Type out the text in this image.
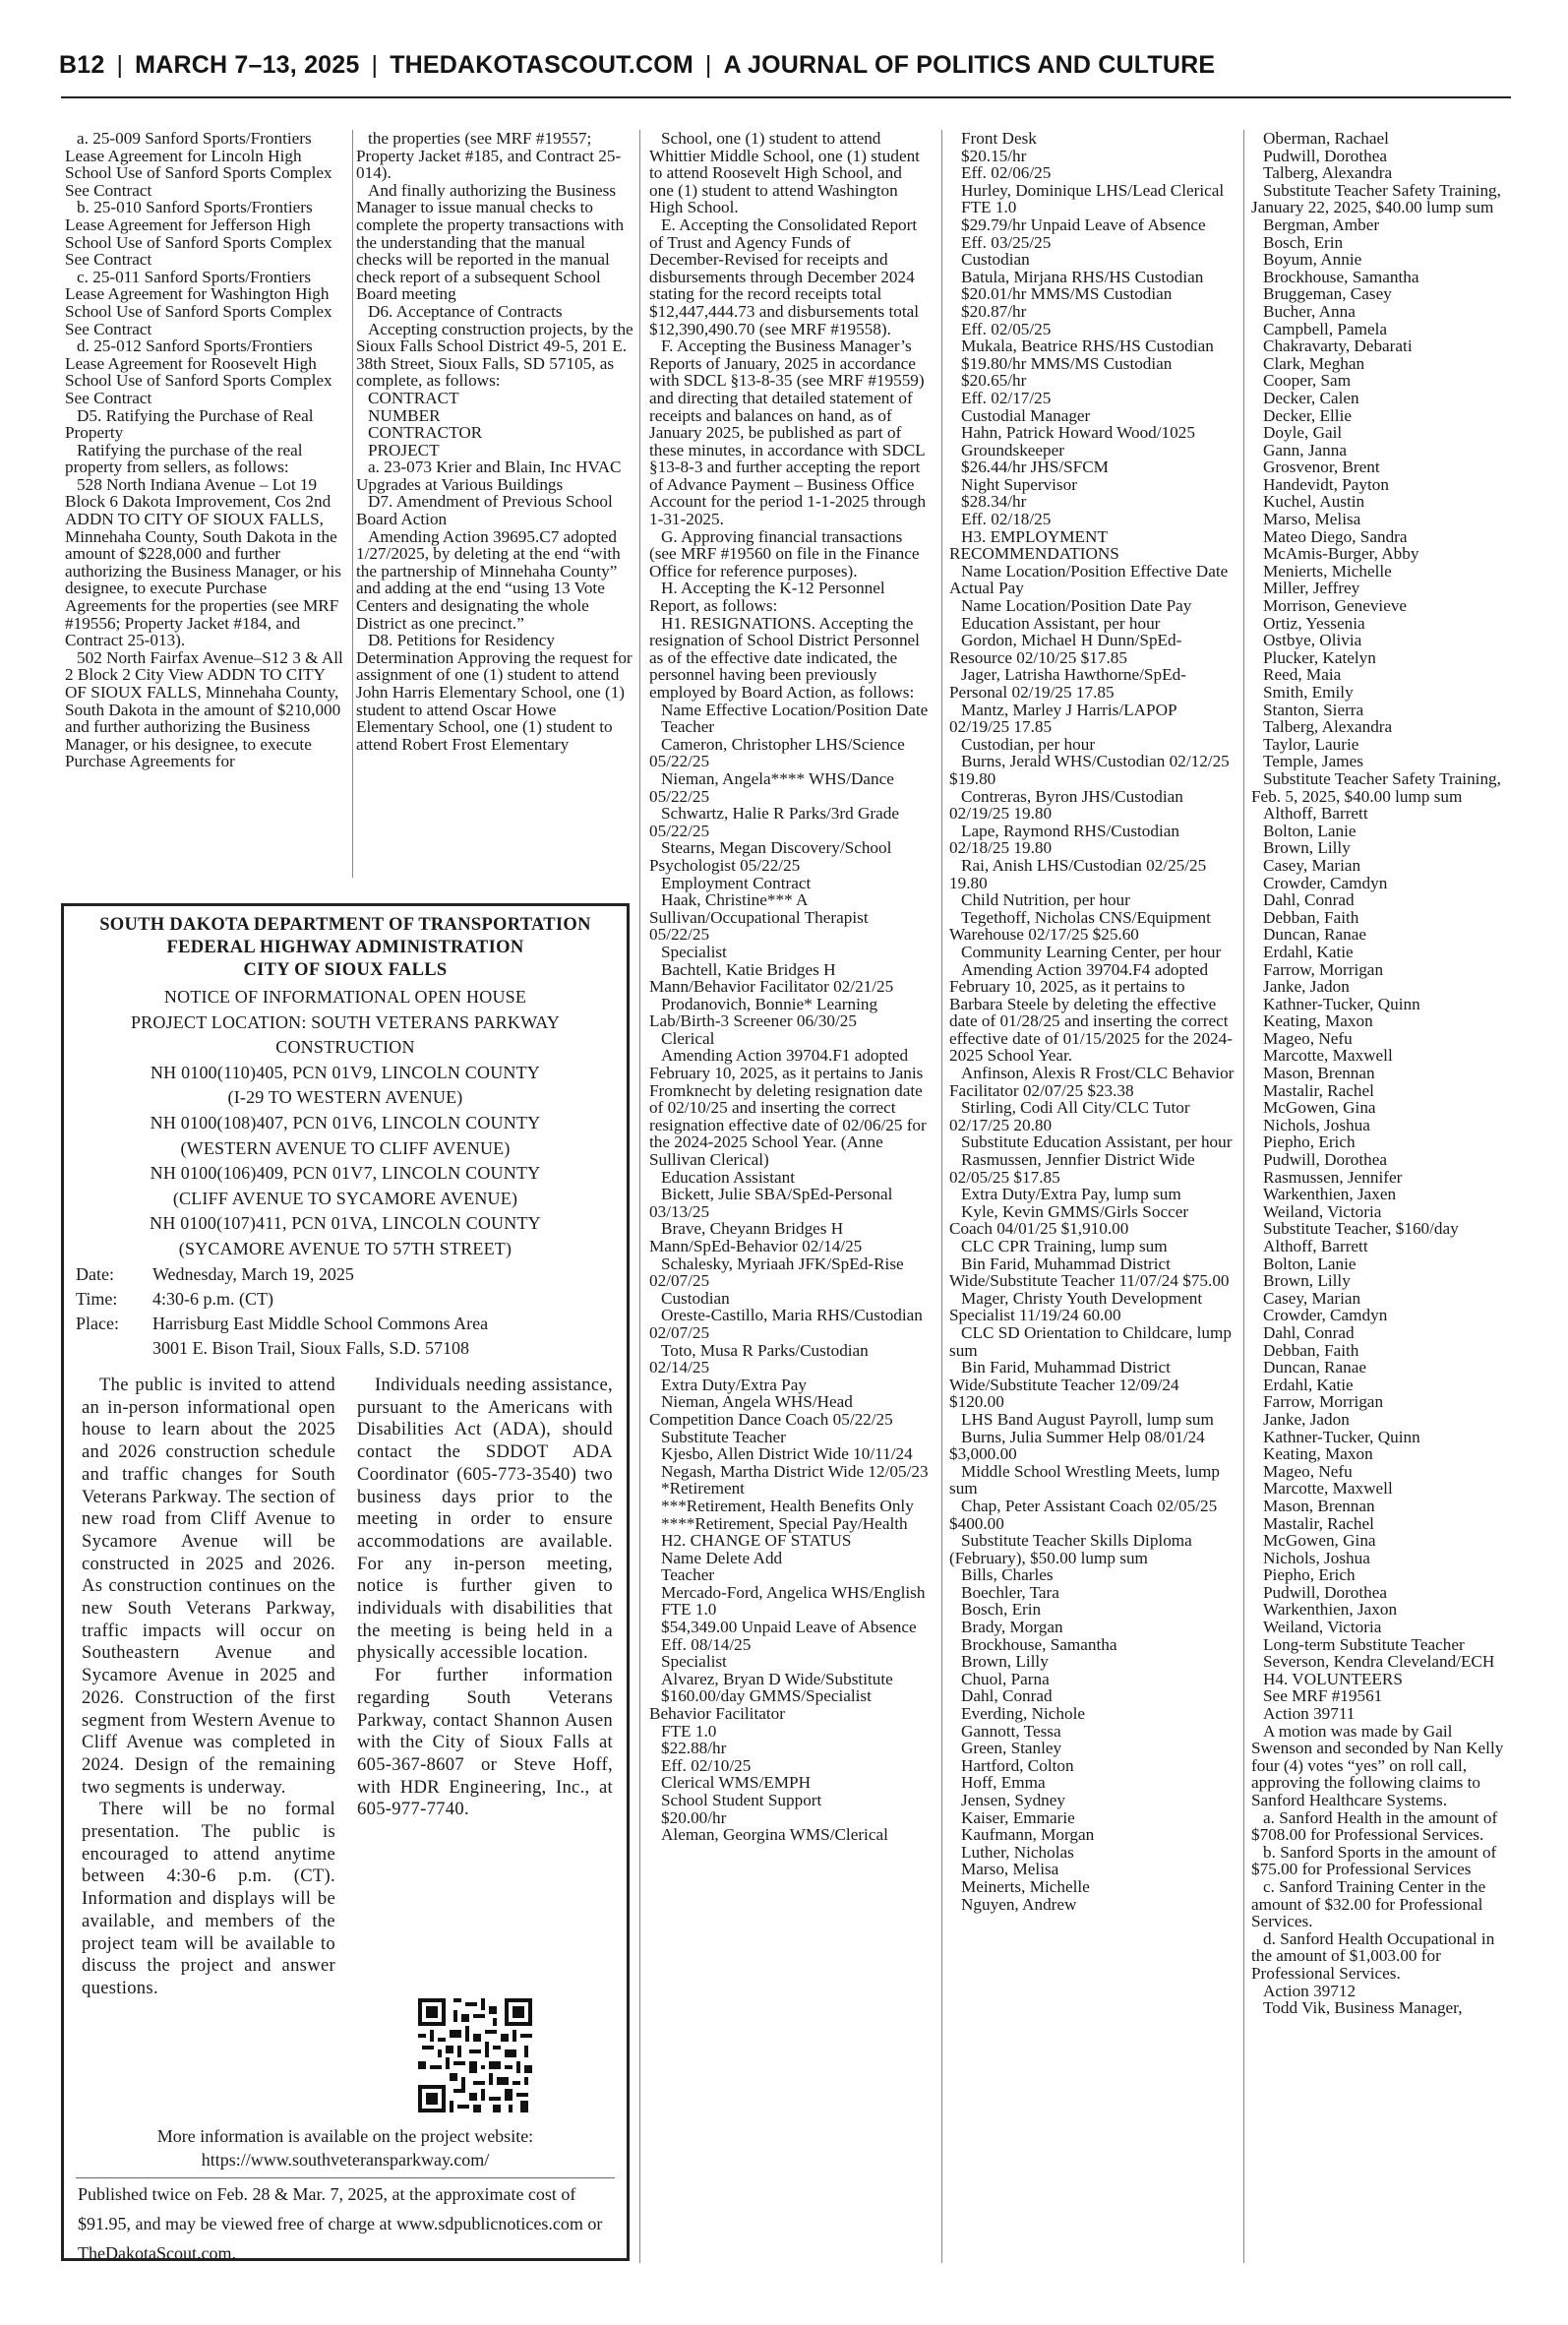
B12 | MARCH 7–13, 2025 | THEDAKOTASCOUT.COM | A JOURNAL OF POLITICS AND CULTURE

a. 25-009 Sanford Sports/Frontiers Lease Agreement for Lincoln High School Use of Sanford Sports Complex See Contract

b. 25-010 Sanford Sports/Frontiers Lease Agreement for Jefferson High School Use of Sanford Sports Complex See Contract

c. 25-011 Sanford Sports/Frontiers Lease Agreement for Washington High School Use of Sanford Sports Complex See Contract

d. 25-012 Sanford Sports/Frontiers Lease Agreement for Roosevelt High School Use of Sanford Sports Complex See Contract

D5. Ratifying the Purchase of Real Property

Ratifying the purchase of the real property from sellers, as follows:

528 North Indiana Avenue – Lot 19 Block 6 Dakota Improvement, Cos 2nd ADDN TO CITY OF SIOUX FALLS, Minnehaha County, South Dakota in the amount of $228,000 and further authorizing the Business Manager, or his designee, to execute Purchase Agreements for the properties (see MRF #19556; Property Jacket #184, and Contract 25-013).

502 North Fairfax Avenue–S12 3 & All 2 Block 2 City View ADDN TO CITY OF SIOUX FALLS, Minnehaha County, South Dakota in the amount of $210,000 and further authorizing the Business Manager, or his designee, to execute Purchase Agreements for

the properties (see MRF #19557; Property Jacket #185, and Contract 25-014).

And finally authorizing the Business Manager to issue manual checks to complete the property transactions with the understanding that the manual checks will be reported in the manual check report of a subsequent School Board meeting

D6. Acceptance of Contracts

Accepting construction projects, by the Sioux Falls School District 49-5, 201 E. 38th Street, Sioux Falls, SD 57105, as complete, as follows:

CONTRACT

NUMBER

CONTRACTOR

PROJECT

a. 23-073 Krier and Blain, Inc HVAC Upgrades at Various Buildings

D7. Amendment of Previous School Board Action

Amending Action 39695.C7 adopted 1/27/2025, by deleting at the end “with the partnership of Minnehaha County” and adding at the end “using 13 Vote Centers and designating the whole District as one precinct.”

D8. Petitions for Residency Determination Approving the request for assignment of one (1) student to attend John Harris Elementary School, one (1) student to attend Oscar Howe Elementary School, one (1) student to attend Robert Frost Elementary

School, one (1) student to attend Whittier Middle School, one (1) student to attend Roosevelt High School, and one (1) student to attend Washington High School.

E. Accepting the Consolidated Report of Trust and Agency Funds of December-Revised for receipts and disbursements through December 2024 stating for the record receipts total $12,447,444.73 and disbursements total $12,390,490.70 (see MRF #19558).

F. Accepting the Business Manager’s Reports of January, 2025 in accordance with SDCL §13-8-35 (see MRF #19559) and directing that detailed statement of receipts and balances on hand, as of January 2025, be published as part of these minutes, in accordance with SDCL §13-8-3 and further accepting the report of Advance Payment – Business Office Account for the period 1-1-2025 through 1-31-2025.

G. Approving financial transactions (see MRF #19560 on file in the Finance Office for reference purposes).

H. Accepting the K-12 Personnel Report, as follows:

H1. RESIGNATIONS. Accepting the resignation of School District Personnel as of the effective date indicated, the personnel having been previously employed by Board Action, as follows:

Name Effective Location/Position Date

Teacher

Cameron, Christopher LHS/Science 05/22/25

Nieman, Angela**** WHS/Dance 05/22/25

Schwartz, Halie R Parks/3rd Grade 05/22/25

Stearns, Megan Discovery/School Psychologist 05/22/25

Employment Contract

Haak, Christine*** A Sullivan/Occupational Therapist 05/22/25

Specialist

Bachtell, Katie Bridges H Mann/Behavior Facilitator 02/21/25

Prodanovich, Bonnie* Learning Lab/Birth-3 Screener 06/30/25

Clerical

Amending Action 39704.F1 adopted February 10, 2025, as it pertains to Janis Fromknecht by deleting resignation date of 02/10/25 and inserting the correct resignation effective date of 02/06/25 for the 2024-2025 School Year. (Anne Sullivan Clerical)

Education Assistant

Bickett, Julie SBA/SpEd-Personal 03/13/25

Brave, Cheyann Bridges H Mann/SpEd-Behavior 02/14/25

Schalesky, Myriaah JFK/SpEd-Rise 02/07/25

Custodian

Oreste-Castillo, Maria RHS/Custodian 02/07/25

Toto, Musa R Parks/Custodian 02/14/25

Extra Duty/Extra Pay

Nieman, Angela WHS/Head Competition Dance Coach 05/22/25

Substitute Teacher

Kjesbo, Allen District Wide 10/11/24

Negash, Martha District Wide 12/05/23

*Retirement

***Retirement, Health Benefits Only

****Retirement, Special Pay/Health

H2. CHANGE OF STATUS

Name Delete Add

Teacher

Mercado-Ford, Angelica WHS/English

FTE 1.0

$54,349.00 Unpaid Leave of Absence

Eff. 08/14/25

Specialist

Alvarez, Bryan D Wide/Substitute

$160.00/day GMMS/Specialist Behavior Facilitator

FTE 1.0

$22.88/hr

Eff. 02/10/25

Clerical WMS/EMPH

School Student Support

$20.00/hr

Aleman, Georgina WMS/Clerical

Front Desk

$20.15/hr

Eff. 02/06/25

Hurley, Dominique LHS/Lead Clerical

FTE 1.0

$29.79/hr Unpaid Leave of Absence

Eff. 03/25/25

Custodian

Batula, Mirjana RHS/HS Custodian

$20.01/hr MMS/MS Custodian

$20.87/hr

Eff. 02/05/25

Mukala, Beatrice RHS/HS Custodian

$19.80/hr MMS/MS Custodian

$20.65/hr

Eff. 02/17/25

Custodial Manager

Hahn, Patrick Howard Wood/1025

Groundskeeper

$26.44/hr JHS/SFCM

Night Supervisor

$28.34/hr

Eff. 02/18/25

H3. EMPLOYMENT RECOMMENDATIONS

Name Location/Position Effective Date Actual Pay

Name Location/Position Date Pay

Education Assistant, per hour

Gordon, Michael H Dunn/SpEd-Resource 02/10/25 $17.85

Jager, Latrisha Hawthorne/SpEd-Personal 02/19/25 17.85

Mantz, Marley J Harris/LAPOP 02/19/25 17.85

Custodian, per hour

Burns, Jerald WHS/Custodian 02/12/25 $19.80

Contreras, Byron JHS/Custodian 02/19/25 19.80

Lape, Raymond RHS/Custodian 02/18/25 19.80

Rai, Anish LHS/Custodian 02/25/25 19.80

Child Nutrition, per hour

Tegethoff, Nicholas CNS/Equipment Warehouse 02/17/25 $25.60

Community Learning Center, per hour

Amending Action 39704.F4 adopted February 10, 2025, as it pertains to Barbara Steele by deleting the effective date of 01/28/25 and inserting the correct effective date of 01/15/2025 for the 2024-2025 School Year.

Anfinson, Alexis R Frost/CLC Behavior Facilitator 02/07/25 $23.38

Stirling, Codi All City/CLC Tutor 02/17/25 20.80

Substitute Education Assistant, per hour

Rasmussen, Jennfier District Wide 02/05/25 $17.85

Extra Duty/Extra Pay, lump sum

Kyle, Kevin GMMS/Girls Soccer Coach 04/01/25 $1,910.00

CLC CPR Training, lump sum

Bin Farid, Muhammad District Wide/Substitute Teacher 11/07/24 $75.00

Mager, Christy Youth Development Specialist 11/19/24 60.00

CLC SD Orientation to Childcare, lump sum

Bin Farid, Muhammad District Wide/Substitute Teacher 12/09/24 $120.00

LHS Band August Payroll, lump sum

Burns, Julia Summer Help 08/01/24 $3,000.00

Middle School Wrestling Meets, lump sum

Chap, Peter Assistant Coach 02/05/25 $400.00

Substitute Teacher Skills Diploma (February), $50.00 lump sum

Bills, Charles

Boechler, Tara

Bosch, Erin

Brady, Morgan

Brockhouse, Samantha

Brown, Lilly

Chuol, Parna

Dahl, Conrad

Everding, Nichole

Gannott, Tessa

Green, Stanley

Hartford, Colton

Hoff, Emma

Jensen, Sydney

Kaiser, Emmarie

Kaufmann, Morgan

Luther, Nicholas

Marso, Melisa

Meinerts, Michelle

Nguyen, Andrew

Oberman, Rachael

Pudwill, Dorothea

Talberg, Alexandra

Substitute Teacher Safety Training, January 22, 2025, $40.00 lump sum

Bergman, Amber

Bosch, Erin

Boyum, Annie

Brockhouse, Samantha

Bruggeman, Casey

Bucher, Anna

Campbell, Pamela

Chakravarty, Debarati

Clark, Meghan

Cooper, Sam

Decker, Calen

Decker, Ellie

Doyle, Gail

Gann, Janna

Grosvenor, Brent

Handevidt, Payton

Kuchel, Austin

Marso, Melisa

Mateo Diego, Sandra

McAmis-Burger, Abby

Menierts, Michelle

Miller, Jeffrey

Morrison, Genevieve

Ortiz, Yessenia

Ostbye, Olivia

Plucker, Katelyn

Reed, Maia

Smith, Emily

Stanton, Sierra

Talberg, Alexandra

Taylor, Laurie

Temple, James

Substitute Teacher Safety Training, Feb. 5, 2025, $40.00 lump sum

Althoff, Barrett

Bolton, Lanie

Brown, Lilly

Casey, Marian

Crowder, Camdyn

Dahl, Conrad

Debban, Faith

Duncan, Ranae

Erdahl, Katie

Farrow, Morrigan

Janke, Jadon

Kathner-Tucker, Quinn

Keating, Maxon

Mageo, Nefu

Marcotte, Maxwell

Mason, Brennan

Mastalir, Rachel

McGowen, Gina

Nichols, Joshua

Piepho, Erich

Pudwill, Dorothea

Rasmussen, Jennifer

Warkenthien, Jaxen

Weiland, Victoria

Substitute Teacher, $160/day

Althoff, Barrett

Bolton, Lanie

Brown, Lilly

Casey, Marian

Crowder, Camdyn

Dahl, Conrad

Debban, Faith

Duncan, Ranae

Erdahl, Katie

Farrow, Morrigan

Janke, Jadon

Kathner-Tucker, Quinn

Keating, Maxon

Mageo, Nefu

Marcotte, Maxwell

Mason, Brennan

Mastalir, Rachel

McGowen, Gina

Nichols, Joshua

Piepho, Erich

Pudwill, Dorothea

Warkenthien, Jaxon

Weiland, Victoria

Long-term Substitute Teacher

Severson, Kendra Cleveland/ECH

H4. VOLUNTEERS

See MRF #19561

Action 39711

A motion was made by Gail Swenson and seconded by Nan Kelly four (4) votes “yes” on roll call, approving the following claims to Sanford Healthcare Systems.

a. Sanford Health in the amount of $708.00 for Professional Services.

b. Sanford Sports in the amount of $75.00 for Professional Services

c. Sanford Training Center in the amount of $32.00 for Professional Services.

d. Sanford Health Occupational in the amount of $1,003.00 for Professional Services.

Action 39712

Todd Vik, Business Manager,

SOUTH DAKOTA DEPARTMENT OF TRANSPORTATION
FEDERAL HIGHWAY ADMINISTRATION
CITY OF SIOUX FALLS
NOTICE OF INFORMATIONAL OPEN HOUSE
PROJECT LOCATION: SOUTH VETERANS PARKWAY
CONSTRUCTION
NH 0100(110)405, PCN 01V9, LINCOLN COUNTY
(I-29 TO WESTERN AVENUE)
NH 0100(108)407, PCN 01V6, LINCOLN COUNTY
(WESTERN AVENUE TO CLIFF AVENUE)
NH 0100(106)409, PCN 01V7, LINCOLN COUNTY
(CLIFF AVENUE TO SYCAMORE AVENUE)
NH 0100(107)411, PCN 01VA, LINCOLN COUNTY
(SYCAMORE AVENUE TO 57TH STREET)
Date: Wednesday, March 19, 2025
Time: 4:30-6 p.m. (CT)
Place: Harrisburg East Middle School Commons Area
3001 E. Bison Trail, Sioux Falls, S.D. 57108

The public is invited to attend an in-person informational open house to learn about the 2025 and 2026 construction schedule and traffic changes for South Veterans Parkway. The section of new road from Cliff Avenue to Sycamore Avenue will be constructed in 2025 and 2026. As construction continues on the new South Veterans Parkway, traffic impacts will occur on Southeastern Avenue and Sycamore Avenue in 2025 and 2026. Construction of the first segment from Western Avenue to Cliff Avenue was completed in 2024. Design of the remaining two segments is underway.

There will be no formal presentation. The public is encouraged to attend anytime between 4:30-6 p.m. (CT). Information and displays will be available, and members of the project team will be available to discuss the project and answer questions.

Individuals needing assistance, pursuant to the Americans with Disabilities Act (ADA), should contact the SDDOT ADA Coordinator (605-773-3540) two business days prior to the meeting in order to ensure accommodations are available. For any in-person meeting, notice is further given to individuals with disabilities that the meeting is being held in a physically accessible location.

For further information regarding South Veterans Parkway, contact Shannon Ausen with the City of Sioux Falls at 605-367-8607 or Steve Hoff, with HDR Engineering, Inc., at 605-977-7740.

More information is available on the project website:
https://www.southveteransparkway.com/
Published twice on Feb. 28 & Mar. 7, 2025, at the approximate cost of $91.95, and may be viewed free of charge at www.sdpublicnotices.com or TheDakotaScout.com.
